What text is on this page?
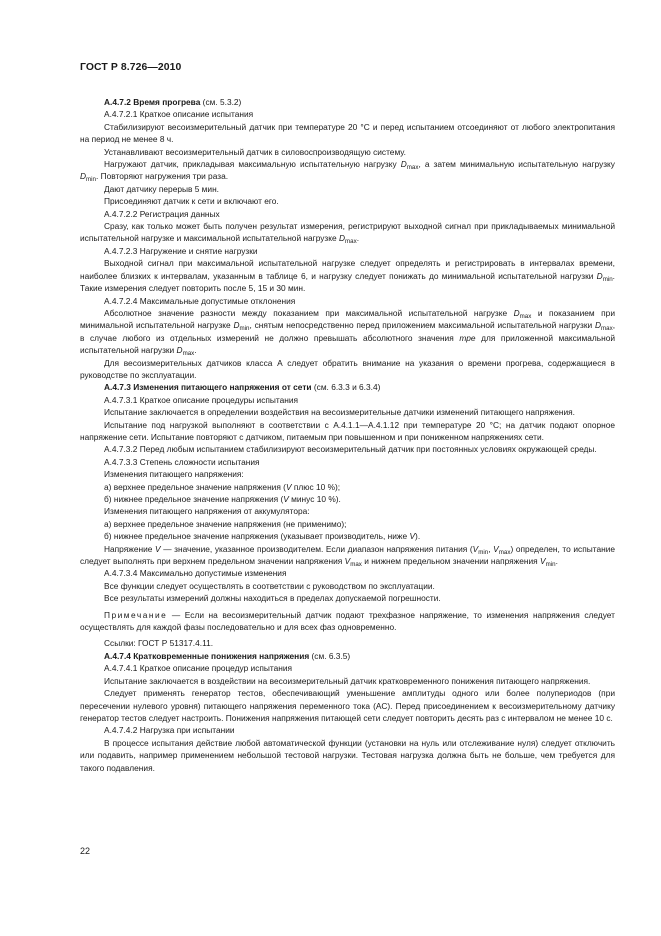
ГОСТ Р 8.726—2010

А.4.7.2 Время прогрева (см. 5.3.2)

А.4.7.2.1 Краткое описание испытания

Стабилизируют весоизмерительный датчик при температуре 20 °С и перед испытанием отсоединяют от любого электропитания на период не менее 8 ч.

Устанавливают весоизмерительный датчик в силовоспроизводящую систему.

Нагружают датчик, прикладывая максимальную испытательную нагрузку $D_{max}$, а затем минимальную испытательную нагрузку $D_{min}$. Повторяют нагружения три раза.

Дают датчику перерыв 5 мин.

Присоединяют датчик к сети и включают его.

А.4.7.2.2 Регистрация данных

Сразу, как только может быть получен результат измерения, регистрируют выходной сигнал при прикладываемых минимальной испытательной нагрузке и максимальной испытательной нагрузке $D_{max}$.

А.4.7.2.3 Нагружение и снятие нагрузки

Выходной сигнал при максимальной испытательной нагрузке следует определять и регистрировать в интервалах времени, наиболее близких к интервалам, указанным в таблице 6, и нагрузку следует понижать до минимальной испытательной нагрузки $D_{min}$. Такие измерения следует повторить после 5, 15 и 30 мин.

А.4.7.2.4 Максимальные допустимые отклонения

Абсолютное значение разности между показанием при максимальной испытательной нагрузке $D_{max}$ и показанием при минимальной испытательной нагрузке $D_{min}$, снятым непосредственно перед приложением максимальной испытательной нагрузки $D_{max}$, в случае любого из отдельных измерений не должно превышать абсолютного значения mpe для приложенной максимальной испытательной нагрузки $D_{max}$.

Для весоизмерительных датчиков класса А следует обратить внимание на указания о времени прогрева, содержащиеся в руководстве по эксплуатации.

А.4.7.3 Изменения питающего напряжения от сети (см. 6.3.3 и 6.3.4)

А.4.7.3.1 Краткое описание процедуры испытания

Испытание заключается в определении воздействия на весоизмерительные датчики изменений питающего напряжения.

Испытание под нагрузкой выполняют в соответствии с А.4.1.1—А.4.1.12 при температуре 20 °С; на датчик подают опорное напряжение сети. Испытание повторяют с датчиком, питаемым при повышенном и при пониженном напряжениях сети.

А.4.7.3.2 Перед любым испытанием стабилизируют весоизмерительный датчик при постоянных условиях окружающей среды.

А.4.7.3.3 Степень сложности испытания

Изменения питающего напряжения:

а) верхнее предельное значение напряжения (V плюс 10 %);

б) нижнее предельное значение напряжения (V минус 10 %).

Изменения питающего напряжения от аккумулятора:

а) верхнее предельное значение напряжения (не применимо);

б) нижнее предельное значение напряжения (указывает производитель, ниже V).

Напряжение V — значение, указанное производителем. Если диапазон напряжения питания ($V_{min}$, $V_{max}$) определен, то испытание следует выполнять при верхнем предельном значении напряжения $V_{max}$ и нижнем предельном значении напряжения $V_{min}$.

А.4.7.3.4 Максимально допустимые изменения

Все функции следует осуществлять в соответствии с руководством по эксплуатации.

Все результаты измерений должны находиться в пределах допускаемой погрешности.

Примечание — Если на весоизмерительный датчик подают трехфазное напряжение, то изменения напряжения следует осуществлять для каждой фазы последовательно и для всех фаз одновременно.

Ссылки: ГОСТ Р 51317.4.11.

А.4.7.4 Кратковременные понижения напряжения (см. 6.3.5)

А.4.7.4.1 Краткое описание процедур испытания

Испытание заключается в воздействии на весоизмерительный датчик кратковременного понижения питающего напряжения.

Следует применять генератор тестов, обеспечивающий уменьшение амплитуды одного или более полупериодов (при пересечении нулевого уровня) питающего напряжения переменного тока (АС). Перед присоединением к весоизмерительному датчику генератор тестов следует настроить. Понижения напряжения питающей сети следует повторить десять раз с интервалом не менее 10 с.

А.4.7.4.2 Нагрузка при испытании

В процессе испытания действие любой автоматической функции (установки на нуль или отслеживание нуля) следует отключить или подавить, например применением небольшой тестовой нагрузки. Тестовая нагрузка должна быть не больше, чем требуется для такого подавления.

22
